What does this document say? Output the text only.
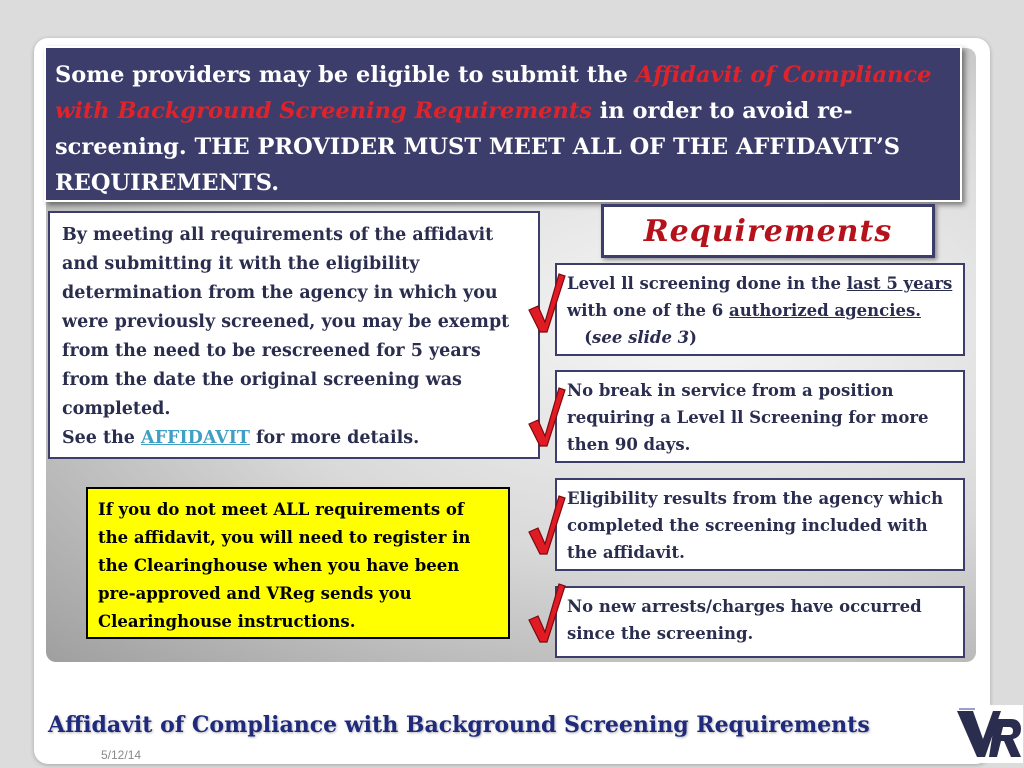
Some providers may be eligible to submit the Affidavit of Compliance with Background Screening Requirements in order to avoid re-screening. THE PROVIDER MUST MEET ALL OF THE AFFIDAVIT’S REQUIREMENTS.
By meeting all requirements of the affidavit and submitting it with the eligibility determination from the agency in which you were previously screened, you may be exempt from the need to be rescreened for 5 years from the date the original screening was completed.
See the AFFIDAVIT for more details.
If you do not meet ALL requirements of the affidavit, you will need to register in the Clearinghouse when you have been pre-approved and VReg sends you Clearinghouse instructions.
Requirements
Level ll screening done in the last 5 years with one of the 6 authorized agencies.   (see slide 3)
No break in service from a position requiring a Level ll Screening for more then 90 days.
Eligibility results from the agency which completed the screening included with the affidavit.
No new arrests/charges have occurred since the screening.
Affidavit of Compliance with Background Screening Requirements
5/12/14
